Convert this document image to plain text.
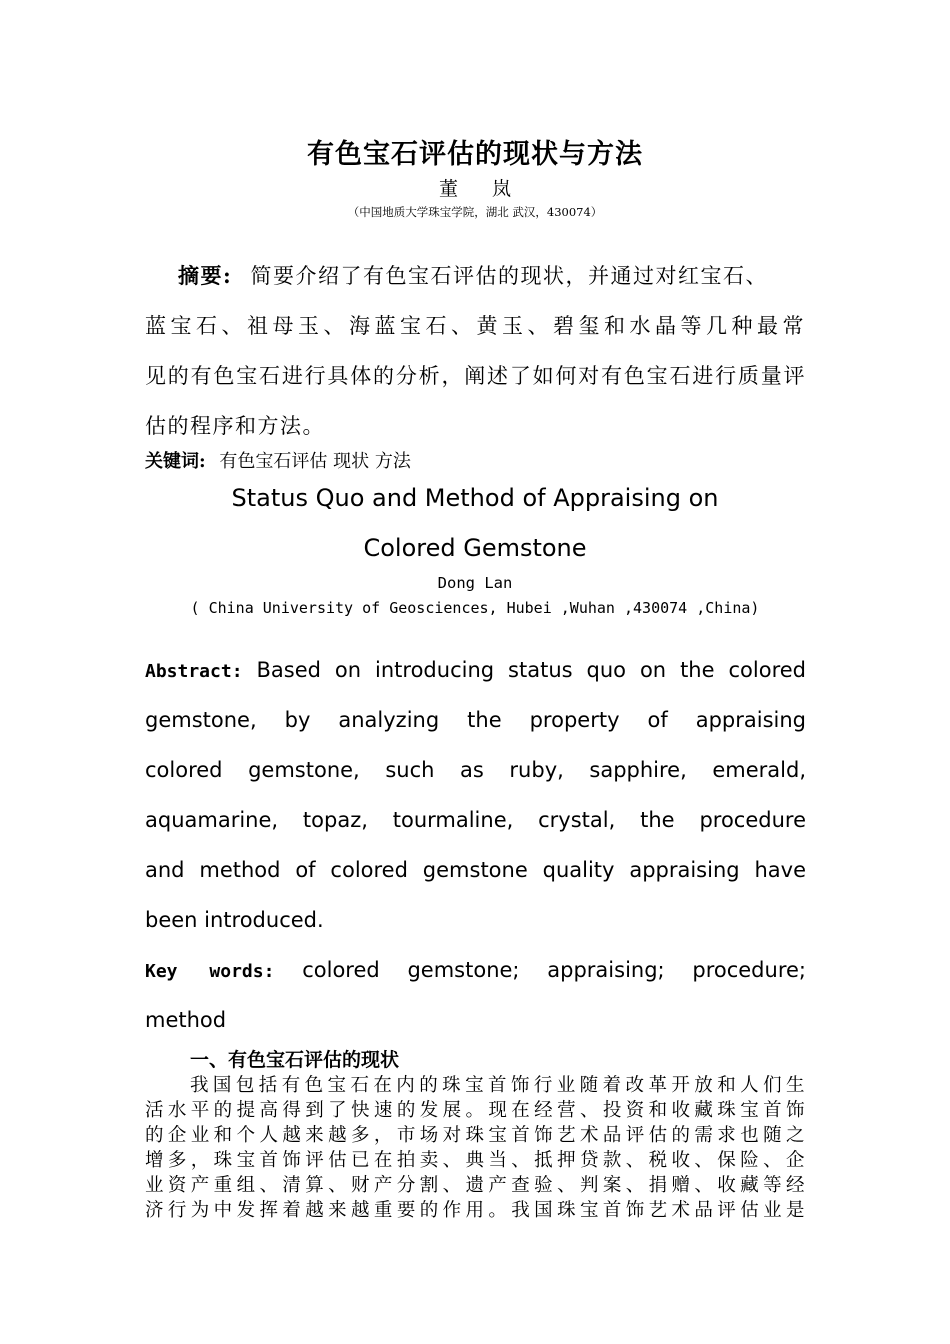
有色宝石评估的现状与方法
董 岚
（中国地质大学珠宝学院，湖北 武汉，430074）
摘要: 简要介绍了有色宝石评估的现状，并通过对红宝石、
蓝宝石、祖母玉、海蓝宝石、黄玉、碧玺和水晶等几种最常
见的有色宝石进行具体的分析，阐述了如何对有色宝石进行质量评
估的程序和方法。
关键词: 有色宝石评估 现状 方法
Status Quo and Method of Appraising on
Colored Gemstone
Dong Lan
( China University of Geosciences, Hubei ,Wuhan ,430074 ,China)
Abstract: Based on introducing status quo on the colored
gemstone, by analyzing the property of appraising
colored gemstone, such as ruby, sapphire, emerald,
aquamarine, topaz, tourmaline, crystal, the procedure
and method of colored gemstone quality appraising have
been introduced.
Key words: colored gemstone; appraising; procedure;
method
一、有色宝石评估的现状
我国包括有色宝石在内的珠宝首饰行业随着改革开放和人们生
活水平的提高得到了快速的发展。现在经营、投资和收藏珠宝首饰
的企业和个人越来越多，市场对珠宝首饰艺术品评估的需求也随之
增多，珠宝首饰评估已在拍卖、典当、抵押贷款、税收、保险、企
业资产重组、清算、财产分割、遗产查验、判案、捐赠、收藏等经
济行为中发挥着越来越重要的作用。我国珠宝首饰艺术品评估业是
